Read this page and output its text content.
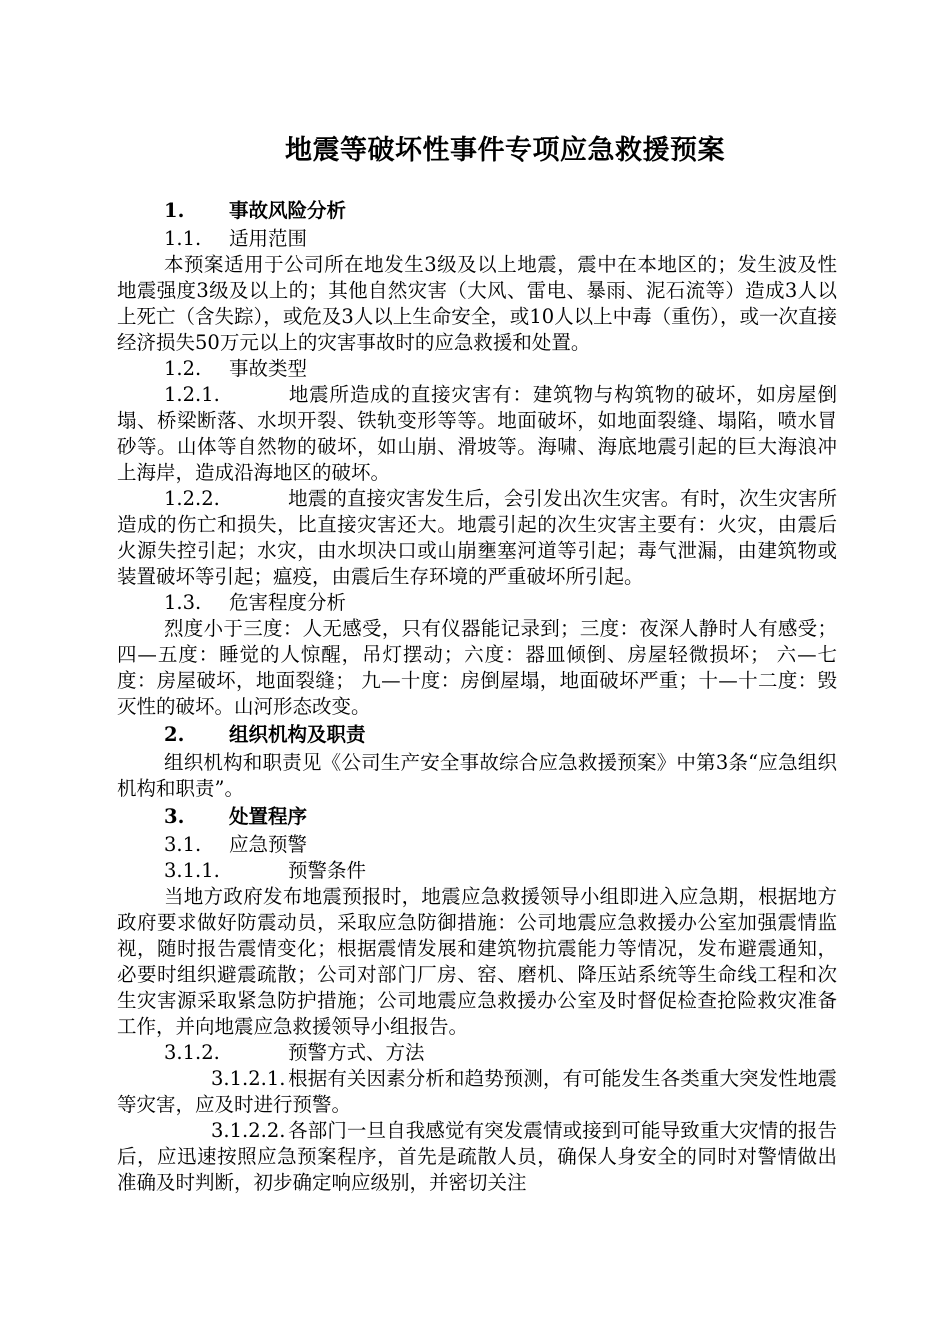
地震等破坏性事件专项应急救援预案
1. 事故风险分析
1.1. 适用范围
本预案适用于公司所在地发生3级及以上地震，震中在本地区的；发生波及性地震强度3级及以上的；其他自然灾害（大风、雷电、暴雨、泥石流等）造成3人以上死亡（含失踪），或危及3人以上生命安全，或10人以上中毒（重伤），或一次直接经济损失50万元以上的灾害事故时的应急救援和处置。
1.2. 事故类型
1.2.1.	地震所造成的直接灾害有：建筑物与构筑物的破坏，如房屋倒塌、桥梁断落、水坝开裂、铁轨变形等等。地面破坏，如地面裂缝、塌陷，喷水冒砂等。山体等自然物的破坏，如山崩、滑坡等。海啸、海底地震引起的巨大海浪冲上海岸，造成沿海地区的破坏。
1.2.2.	地震的直接灾害发生后，会引发出次生灾害。有时，次生灾害所造成的伤亡和损失，比直接灾害还大。地震引起的次生灾害主要有：火灾，由震后火源失控引起；水灾，由水坝决口或山崩壅塞河道等引起；毒气泄漏，由建筑物或装置破坏等引起；瘟疫，由震后生存环境的严重破坏所引起。
1.3. 危害程度分析
烈度小于三度：人无感受，只有仪器能记录到；三度：夜深人静时人有感受； 四—五度：睡觉的人惊醒，吊灯摆动；六度：器皿倾倒、房屋轻微损坏； 六—七度：房屋破坏，地面裂缝； 九—十度：房倒屋塌，地面破坏严重；十—十二度：毁灭性的破坏。山河形态改变。
2. 组织机构及职责
组织机构和职责见《公司生产安全事故综合应急救援预案》中第3条“应急组织机构和职责”。
3. 处置程序
3.1. 应急预警
3.1.1.	预警条件
当地方政府发布地震预报时，地震应急救援领导小组即进入应急期，根据地方政府要求做好防震动员，采取应急防御措施：公司地震应急救援办公室加强震情监视，随时报告震情变化；根据震情发展和建筑物抗震能力等情况，发布避震通知，必要时组织避震疏散；公司对部门厂房、窑、磨机、降压站系统等生命线工程和次生灾害源采取紧急防护措施；公司地震应急救援办公室及时督促检查抢险救灾准备工作，并向地震应急救援领导小组报告。
3.1.2.	预警方式、方法
3.1.2.1. 根据有关因素分析和趋势预测，有可能发生各类重大突发性地震等灾害，应及时进行预警。
3.1.2.2. 各部门一旦自我感觉有突发震情或接到可能导致重大灾情的报告后，应迅速按照应急预案程序，首先是疏散人员，确保人身安全的同时对警情做出准确及时判断，初步确定响应级别，并密切关注
